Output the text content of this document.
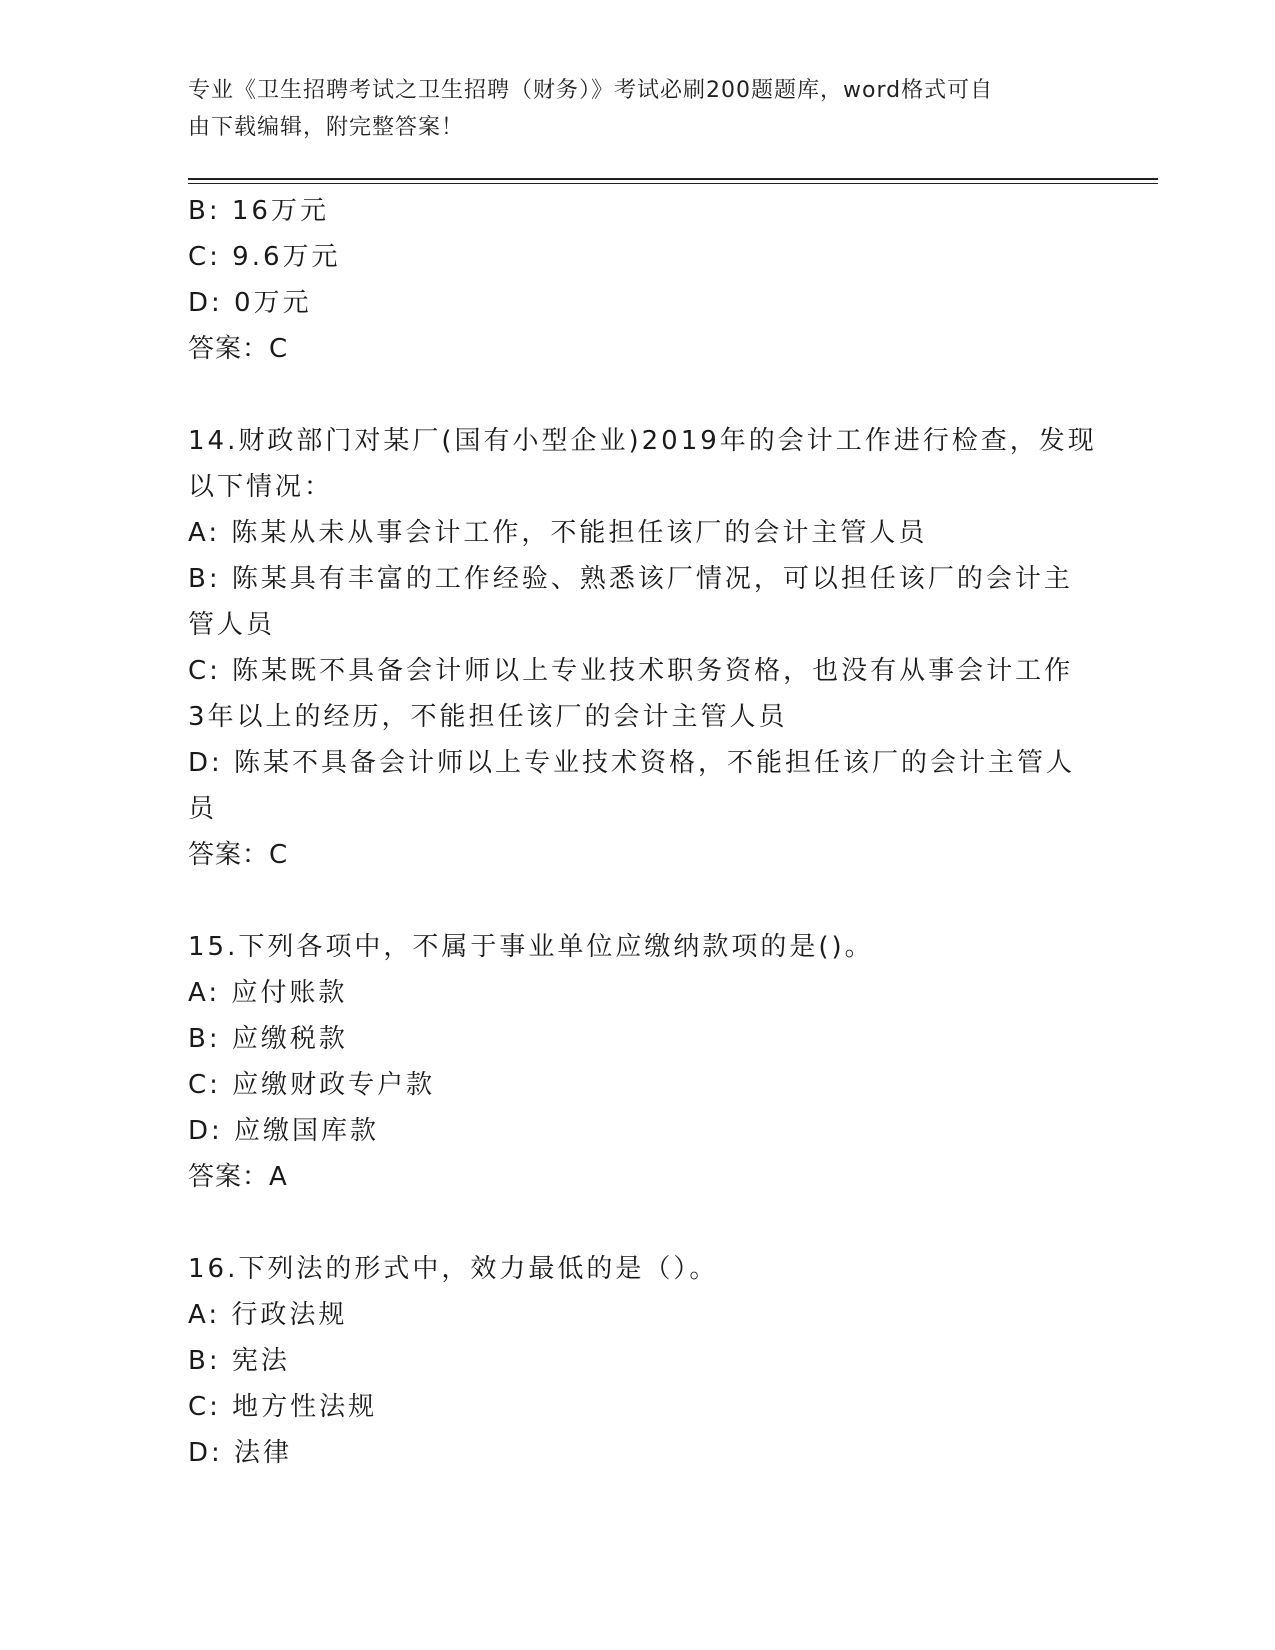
专业《卫生招聘考试之卫生招聘（财务）》考试必刷200题题库，word格式可自
由下载编辑，附完整答案！
B: 16万元
C: 9.6万元
D: 0万元
答案：C
14.财政部门对某厂(国有小型企业)2019年的会计工作进行检查，发现
以下情况：
A: 陈某从未从事会计工作，不能担任该厂的会计主管人员
B: 陈某具有丰富的工作经验、熟悉该厂情况，可以担任该厂的会计主
管人员
C: 陈某既不具备会计师以上专业技术职务资格，也没有从事会计工作
3年以上的经历，不能担任该厂的会计主管人员
D: 陈某不具备会计师以上专业技术资格，不能担任该厂的会计主管人
员
答案：C
15.下列各项中，不属于事业单位应缴纳款项的是()。
A: 应付账款
B: 应缴税款
C: 应缴财政专户款
D: 应缴国库款
答案：A
16.下列法的形式中，效力最低的是（）。
A: 行政法规
B: 宪法
C: 地方性法规
D: 法律
